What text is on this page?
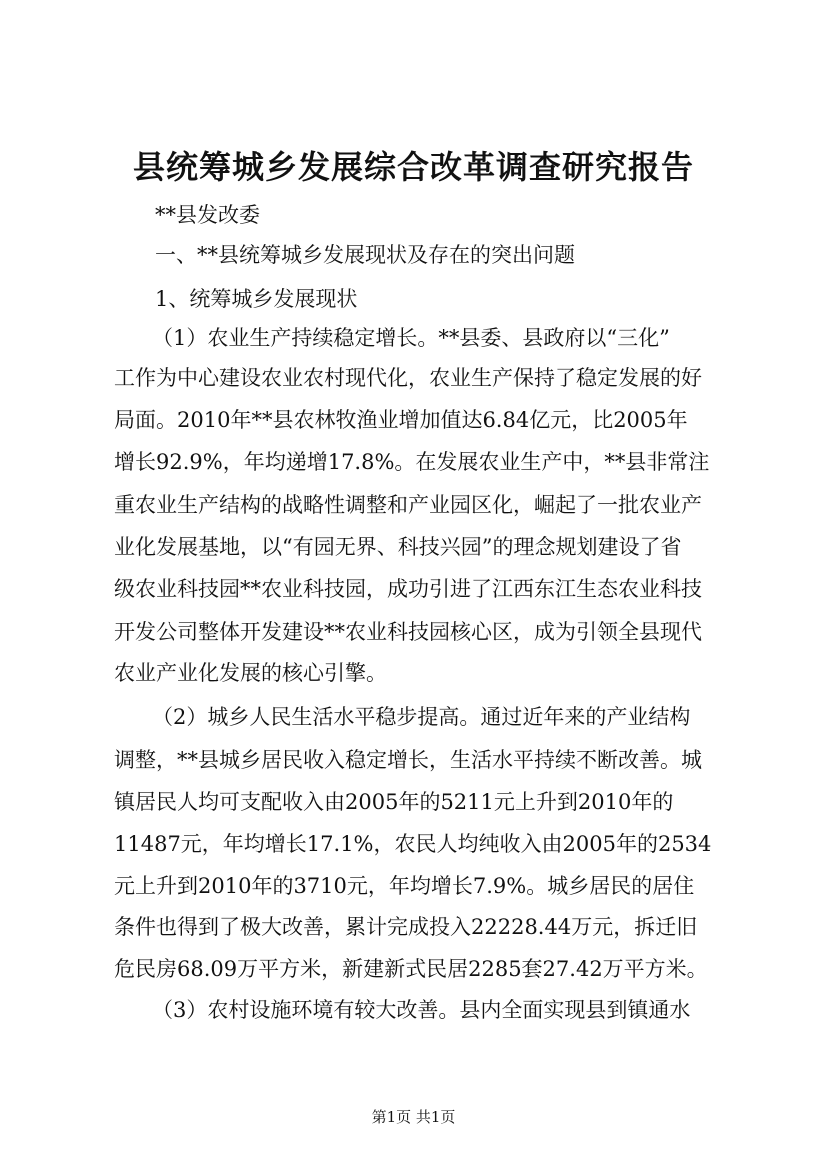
县统筹城乡发展综合改革调查研究报告

**县发改委

一、**县统筹城乡发展现状及存在的突出问题

1、统筹城乡发展现状

（1）农业生产持续稳定增长。**县委、县政府以“三化”

工作为中心建设农业农村现代化，农业生产保持了稳定发展的好

局面。2010年**县农林牧渔业增加值达6.84亿元，比2005年

增长92.9%，年均递增17.8%。在发展农业生产中，**县非常注

重农业生产结构的战略性调整和产业园区化，崛起了一批农业产

业化发展基地，以“有园无界、科技兴园”的理念规划建设了省

级农业科技园**农业科技园，成功引进了江西东江生态农业科技

开发公司整体开发建设**农业科技园核心区，成为引领全县现代

农业产业化发展的核心引擎。

（2）城乡人民生活水平稳步提高。通过近年来的产业结构

调整，**县城乡居民收入稳定增长，生活水平持续不断改善。城

镇居民人均可支配收入由2005年的5211元上升到2010年的

11487元，年均增长17.1%，农民人均纯收入由2005年的2534

元上升到2010年的3710元，年均增长7.9%。城乡居民的居住

条件也得到了极大改善，累计完成投入22228.44万元，拆迁旧

危民房68.09万平方米，新建新式民居2285套27.42万平方米。

（3）农村设施环境有较大改善。县内全面实现县到镇通水

第1页 共1页
